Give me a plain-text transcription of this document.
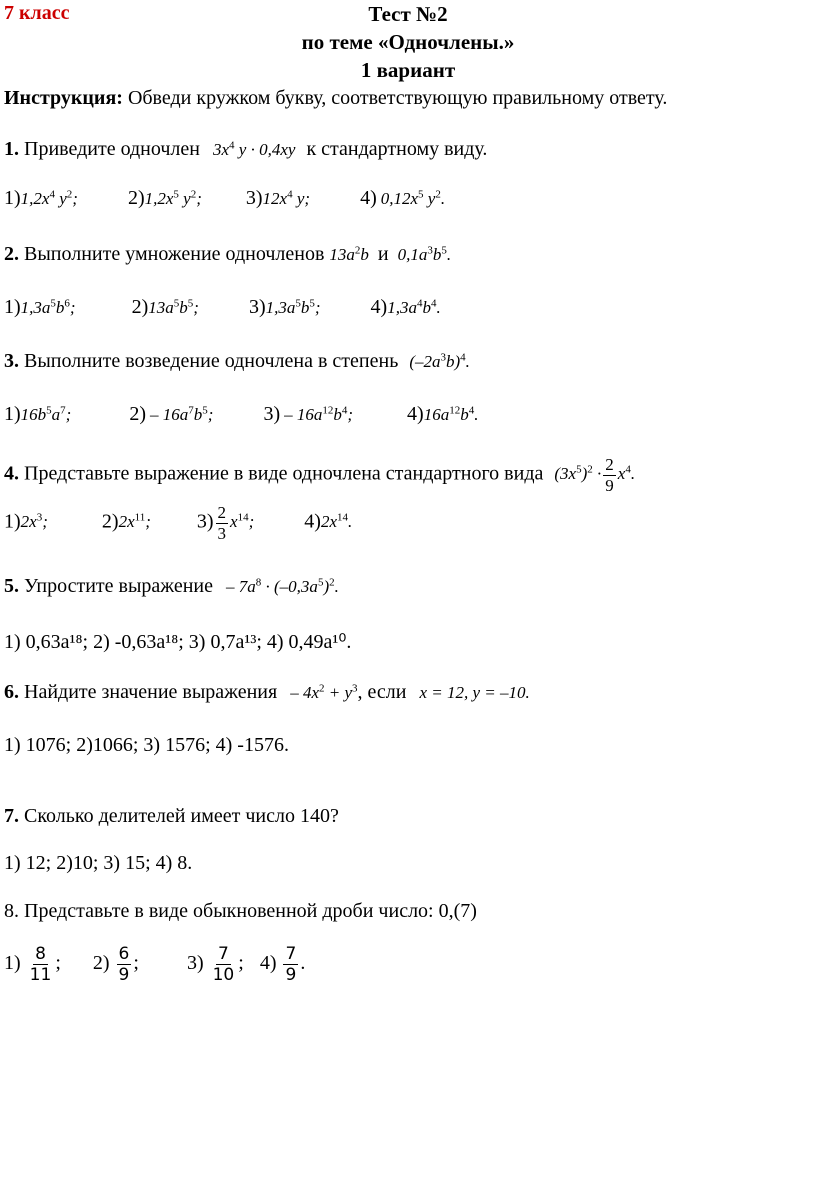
7 класс	Тест №2
по теме «Одночлены.»
1 вариант
Инструкция: Обведи кружком букву, соответствующую правильному ответу.
1. Приведите одночлен $3x^4$ y · 0,4xy к стандартному виду.
$1)1,2x^4$ $y^2$;	$2)1,2x^5$ $y^2$; $3)12x^4$ y;	4) $0,12x^5$ $y^2$.
2. Выполните умножение одночленов $13a^2b$ и $0,1a^3b^5$.
$1)1,3a^5b^6$;	$2)13a^5b^5$;	$3)1,3a^5b^5$;	$4)1,3a^4b^4$.
3. Выполните возведение одночлена в степень $(-2a^3b)^4$.
$1)16b^5a^7$;	$2) - 16a^7b^5$;	$3) - 16a^{12}b^4$;	$4)16a^{12}b^4$.
4. Представьте выражение в виде одночлена стандартного вида $(3x^5)^2 \cdot \frac{2}{9} x^4$.
$1)2x^3$;	$2)2x^{11}$; $3) \frac{2}{3} x^{14}$;	$4)2x^{14}$.
5. Упростите выражение – $7a^8 \cdot (-0,3a^5)^2$.
1) 0,63a¹⁸; 2) -0,63a¹⁸; 3) 0,7a¹³; 4) 0,49a¹⁰.
6. Найдите значение выражения – $4x^2 + y^3$, если x = 12, y = –10.
1) 1076; 2)1066; 3) 1576; 4) -1576.
7. Сколько делителей имеет число 140?
1) 12; 2)10; 3) 15; 4) 8.
8. Представьте в виде обыкновенной дроби число: 0,(7)
$1) \frac{8}{11}$ ;  $2) \frac{6}{9}$ ;  $3) \frac{7}{10}$ ;  $4) \frac{7}{9}$ .
